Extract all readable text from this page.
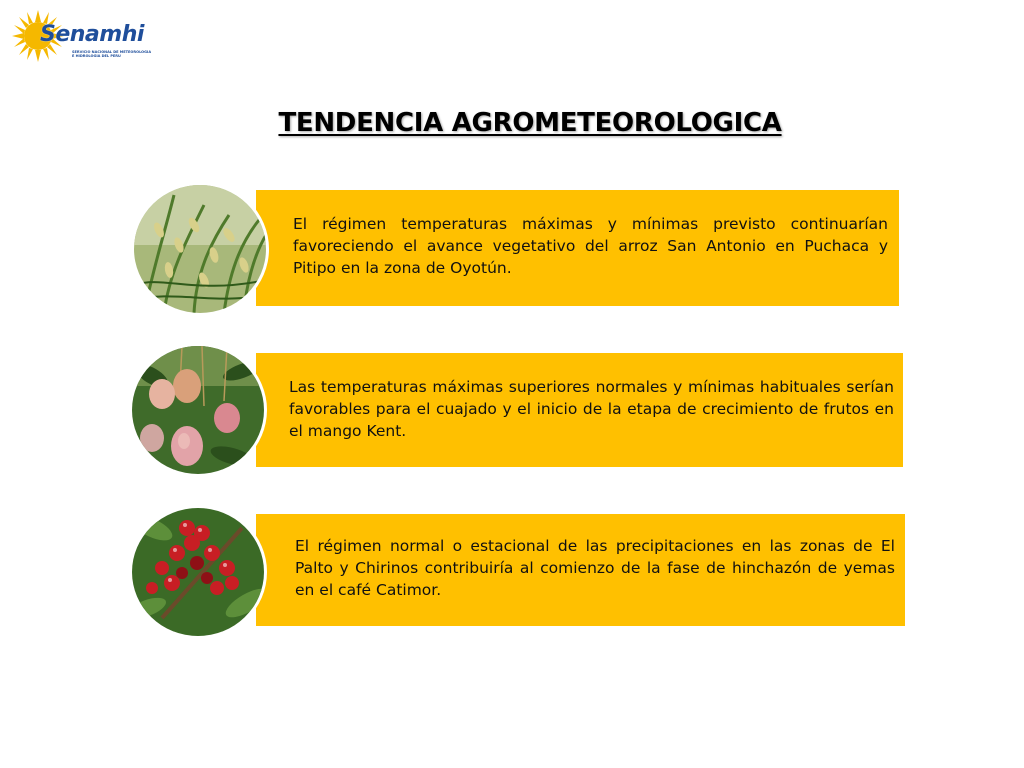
Senamhi
SERVICIO NACIONAL DE METEOROLOGIA
E HIDROLOGIA DEL PERU
TENDENCIA AGROMETEOROLOGICA
El régimen temperaturas máximas y mínimas previsto continuarían favoreciendo el avance vegetativo del arroz San Antonio en Puchaca y Pitipo en la zona de Oyotún.
Las temperaturas máximas superiores normales y mínimas habituales serían favorables para el cuajado y el inicio de la etapa de crecimiento de frutos en el mango Kent.
El régimen normal o estacional de las precipitaciones en las zonas de El Palto y Chirinos contribuiría al comienzo de la fase de hinchazón de yemas en el café Catimor.
